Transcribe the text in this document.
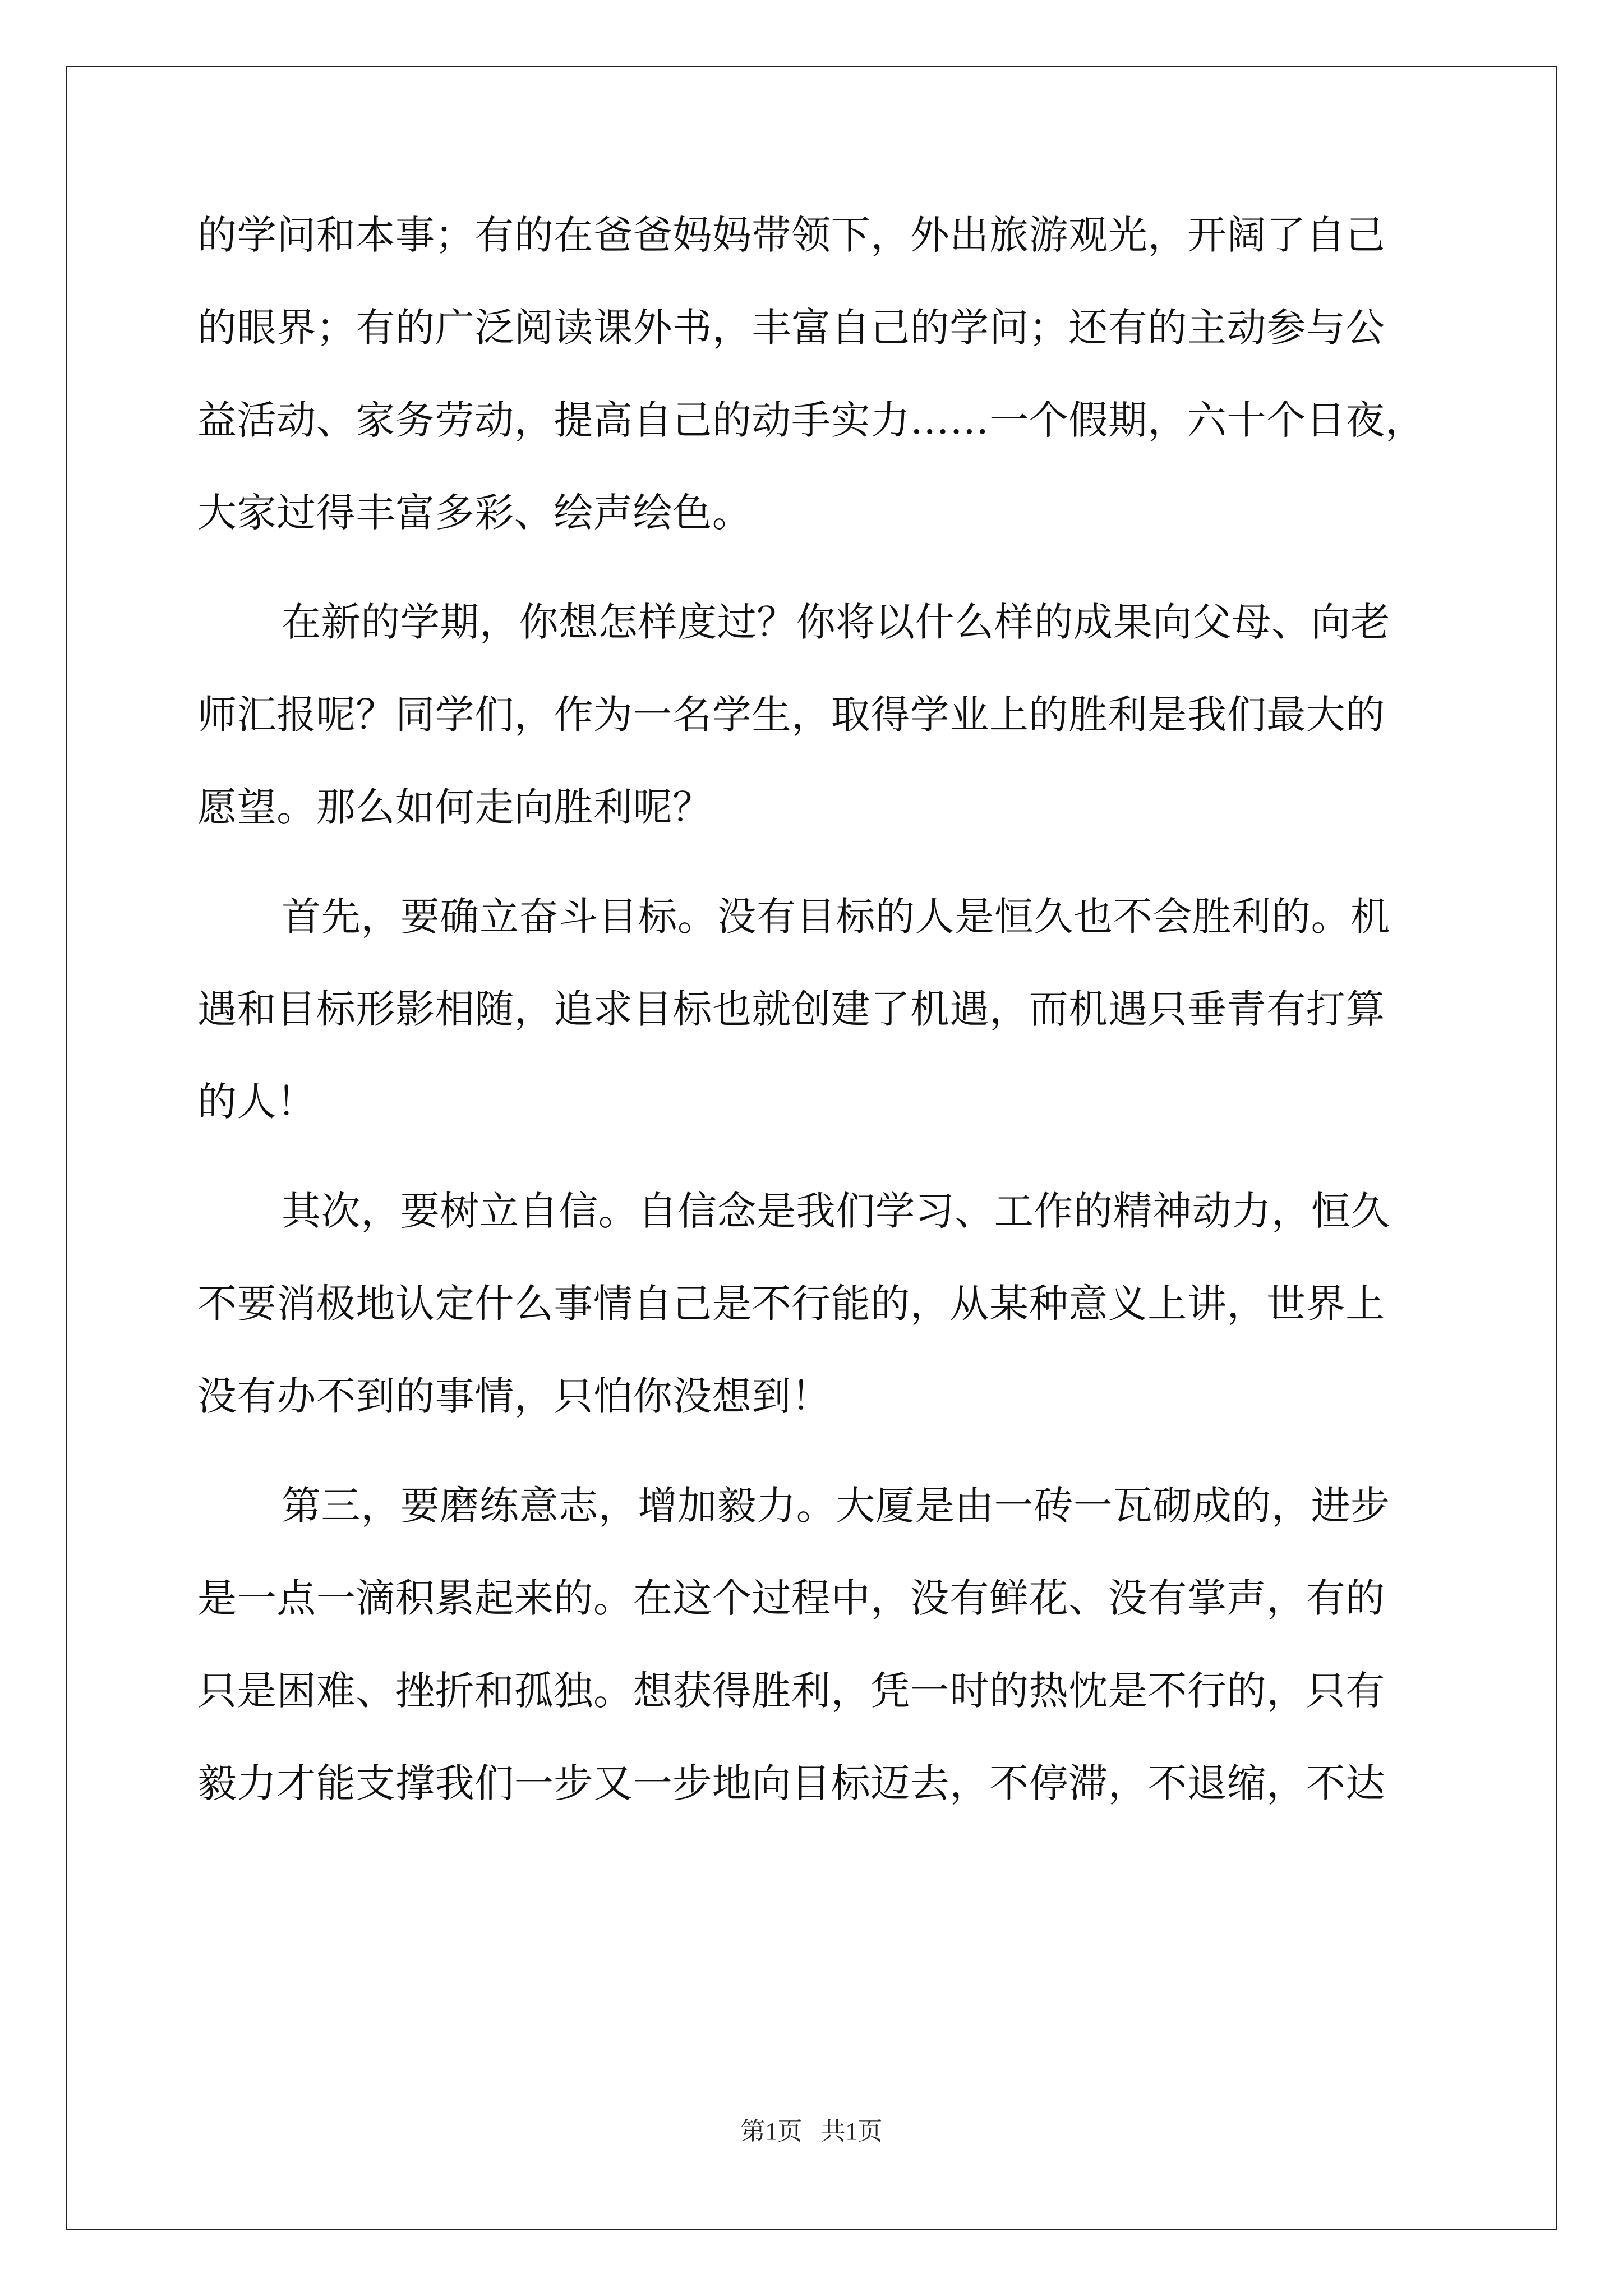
的学问和本事；有的在爸爸妈妈带领下，外出旅游观光，开阔了自己
的眼界；有的广泛阅读课外书，丰富自己的学问；还有的主动参与公
益活动、家务劳动，提高自己的动手实力……一个假期，六十个日夜，
大家过得丰富多彩、绘声绘色。
在新的学期，你想怎样度过？你将以什么样的成果向父母、向老
师汇报呢？同学们，作为一名学生，取得学业上的胜利是我们最大的
愿望。那么如何走向胜利呢？
首先，要确立奋斗目标。没有目标的人是恒久也不会胜利的。机
遇和目标形影相随，追求目标也就创建了机遇，而机遇只垂青有打算
的人！
其次，要树立自信。自信念是我们学习、工作的精神动力，恒久
不要消极地认定什么事情自己是不行能的，从某种意义上讲，世界上
没有办不到的事情，只怕你没想到！
第三，要磨练意志，增加毅力。大厦是由一砖一瓦砌成的，进步
是一点一滴积累起来的。在这个过程中，没有鲜花、没有掌声，有的
只是困难、挫折和孤独。想获得胜利，凭一时的热忱是不行的，只有
毅力才能支撑我们一步又一步地向目标迈去，不停滞，不退缩，不达
第1页   共1页
